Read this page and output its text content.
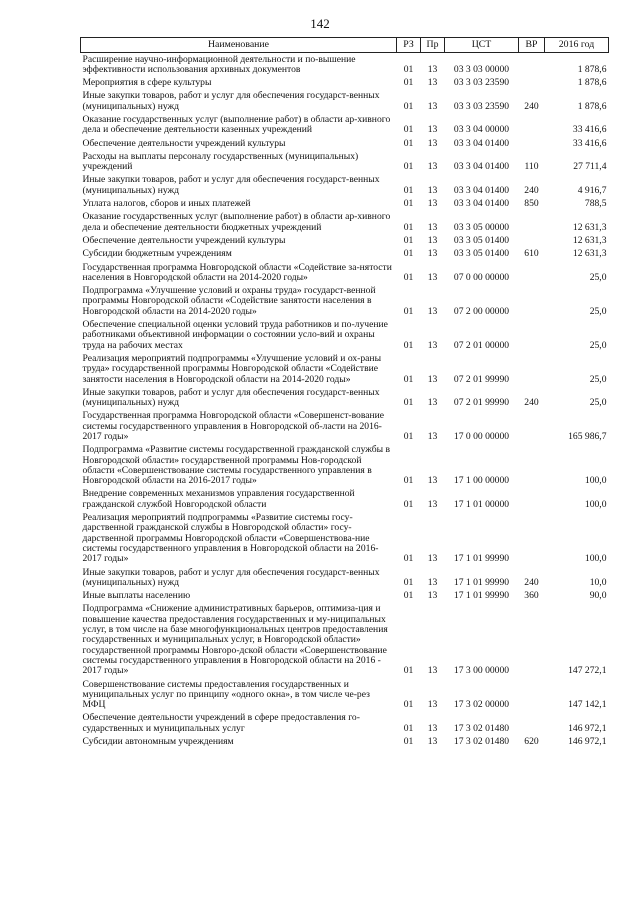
142
Наименование	РЗ	Пр	ЦСТ	ВР	2016 год
Расширение научно-информационной деятельности и по-вышение эффективности использования архивных документов	01	13	03 3 03 00000		1 878,6
Мероприятия в сфере культуры	01	13	03 3 03 23590		1 878,6
Иные закупки товаров, работ и услуг для обеспечения государст-венных (муниципальных) нужд	01	13	03 3 03 23590	240	1 878,6
Оказание государственных услуг (выполнение работ) в области ар-хивного дела и обеспечение деятельности казенных учреждений	01	13	03 3 04 00000		33 416,6
Обеспечение деятельности учреждений культуры	01	13	03 3 04 01400		33 416,6
Расходы на выплаты персоналу государственных (муниципальных) учреждений	01	13	03 3 04 01400	110	27 711,4
Иные закупки товаров, работ и услуг для обеспечения государст-венных (муниципальных) нужд	01	13	03 3 04 01400	240	4 916,7
Уплата налогов, сборов и иных платежей	01	13	03 3 04 01400	850	788,5
Оказание государственных услуг (выполнение работ) в области ар-хивного дела и обеспечение деятельности бюджетных учреждений	01	13	03 3 05 00000		12 631,3
Обеспечение деятельности учреждений культуры	01	13	03 3 05 01400		12 631,3
Субсидии бюджетным учреждениям	01	13	03 3 05 01400	610	12 631,3
Государственная программа Новгородской области «Содействие за-нятости населения в Новгородской области на 2014-2020 годы»	01	13	07 0 00 00000		25,0
Подпрограмма «Улучшение условий и охраны труда» государст-венной программы Новгородской области «Содействие занятости населения в Новгородской области на 2014-2020 годы»	01	13	07 2 00 00000		25,0
Обеспечение специальной оценки условий труда работников и по-лучение работниками объективной информации о состоянии усло-вий и охраны труда на рабочих местах	01	13	07 2 01 00000		25,0
Реализация мероприятий подпрограммы «Улучшение условий и ох-раны труда» государственной программы Новгородской области «Содействие занятости населения в Новгородской области на 2014-2020 годы»	01	13	07 2 01 99990		25,0
Иные закупки товаров, работ и услуг для обеспечения государст-венных (муниципальных) нужд	01	13	07 2 01 99990	240	25,0
Государственная программа Новгородской области «Совершенст-вование системы государственного управления в Новгородской об-ласти на 2016-2017 годы»	01	13	17 0 00 00000		165 986,7
Подпрограмма «Развитие системы государственной гражданской службы в Новгородской области» государственной программы Нов-городской области «Совершенствование системы государственного управления в Новгородской области на 2016-2017 годы»	01	13	17 1 00 00000		100,0
Внедрение современных механизмов управления государственной гражданской службой Новгородской области	01	13	17 1 01 00000		100,0
Реализация мероприятий подпрограммы «Развитие системы госу-дарственной гражданской службы в Новгородской области» госу-дарственной программы Новгородской области «Совершенствова-ние системы государственного управления в Новгородской области на 2016-2017 годы»	01	13	17 1 01 99990		100,0
Иные закупки товаров, работ и услуг для обеспечения государст-венных (муниципальных) нужд	01	13	17 1 01 99990	240	10,0
Иные выплаты населению	01	13	17 1 01 99990	360	90,0
Подпрограмма «Снижение административных барьеров, оптимиза-ция и повышение качества предоставления государственных и му-ниципальных услуг, в том числе на базе многофункциональных центров предоставления государственных и муниципальных услуг, в Новгородской области» государственной программы Новгоро-дской области «Совершенствование системы государственного управления в Новгородской области на 2016 - 2017 годы»	01	13	17 3 00 00000		147 272,1
Совершенствование системы предоставления государственных и муниципальных услуг по принципу «одного окна», в том числе че-рез МФЦ	01	13	17 3 02 00000		147 142,1
Обеспечение деятельности учреждений в сфере предоставления го-сударственных и муниципальных услуг	01	13	17 3 02 01480		146 972,1
Субсидии автономным учреждениям	01	13	17 3 02 01480	620	146 972,1
